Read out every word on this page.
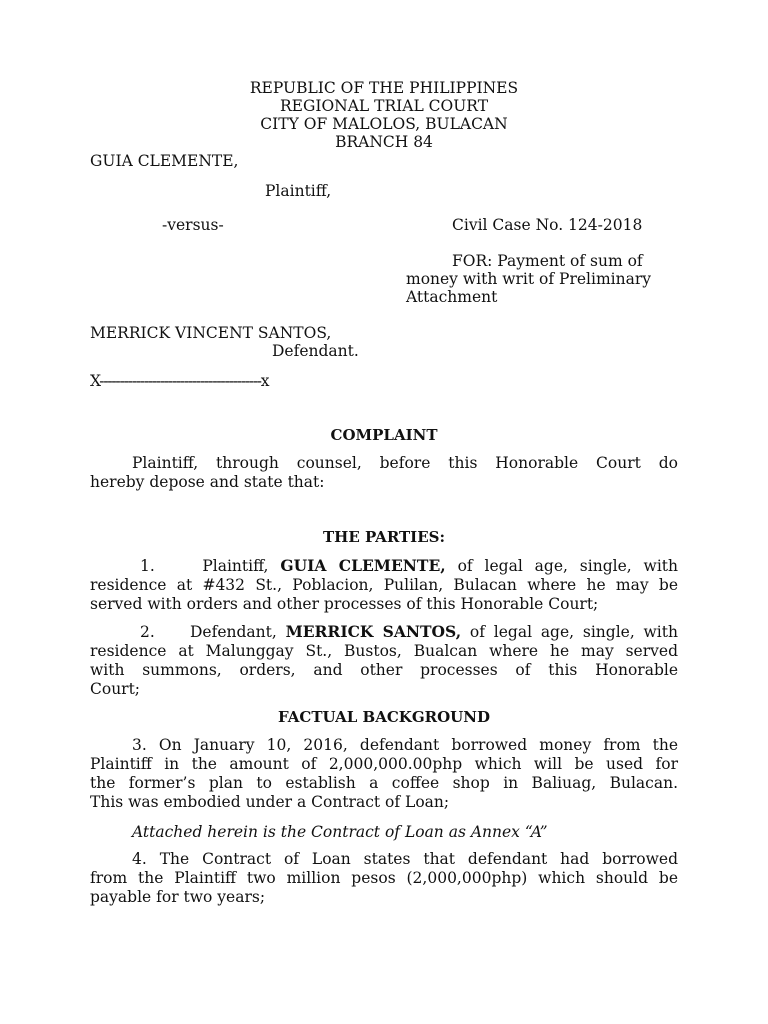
REPUBLIC OF THE PHILIPPINES
REGIONAL TRIAL COURT
CITY OF MALOLOS, BULACAN
BRANCH 84
GUIA CLEMENTE,
Plaintiff,
-versus-	Civil Case No. 124-2018
FOR: Payment of sum of
money with writ of Preliminary
Attachment
MERRICK VINCENT SANTOS,
Defendant.
X----------------------------------------x
COMPLAINT
Plaintiff, through counsel, before this Honorable Court do
hereby depose and state that:
THE PARTIES:
1.	Plaintiff, GUIA CLEMENTE, of legal age, single, with
residence at #432 St., Poblacion, Pulilan, Bulacan where he may be
served with orders and other processes of this Honorable Court;
2. Defendant, MERRICK SANTOS, of legal age, single, with
residence at Malunggay St., Bustos, Bualcan where he may served
with summons, orders, and other processes of this Honorable
Court;
FACTUAL BACKGROUND
3. On January 10, 2016, defendant borrowed money from the
Plaintiff in the amount of 2,000,000.00php which will be used for
the former’s plan to establish a coffee shop in Baliuag, Bulacan.
This was embodied under a Contract of Loan;
Attached herein is the Contract of Loan as Annex “A”
4. The Contract of Loan states that defendant had borrowed
from the Plaintiff two million pesos (2,000,000php) which should be
payable for two years;
